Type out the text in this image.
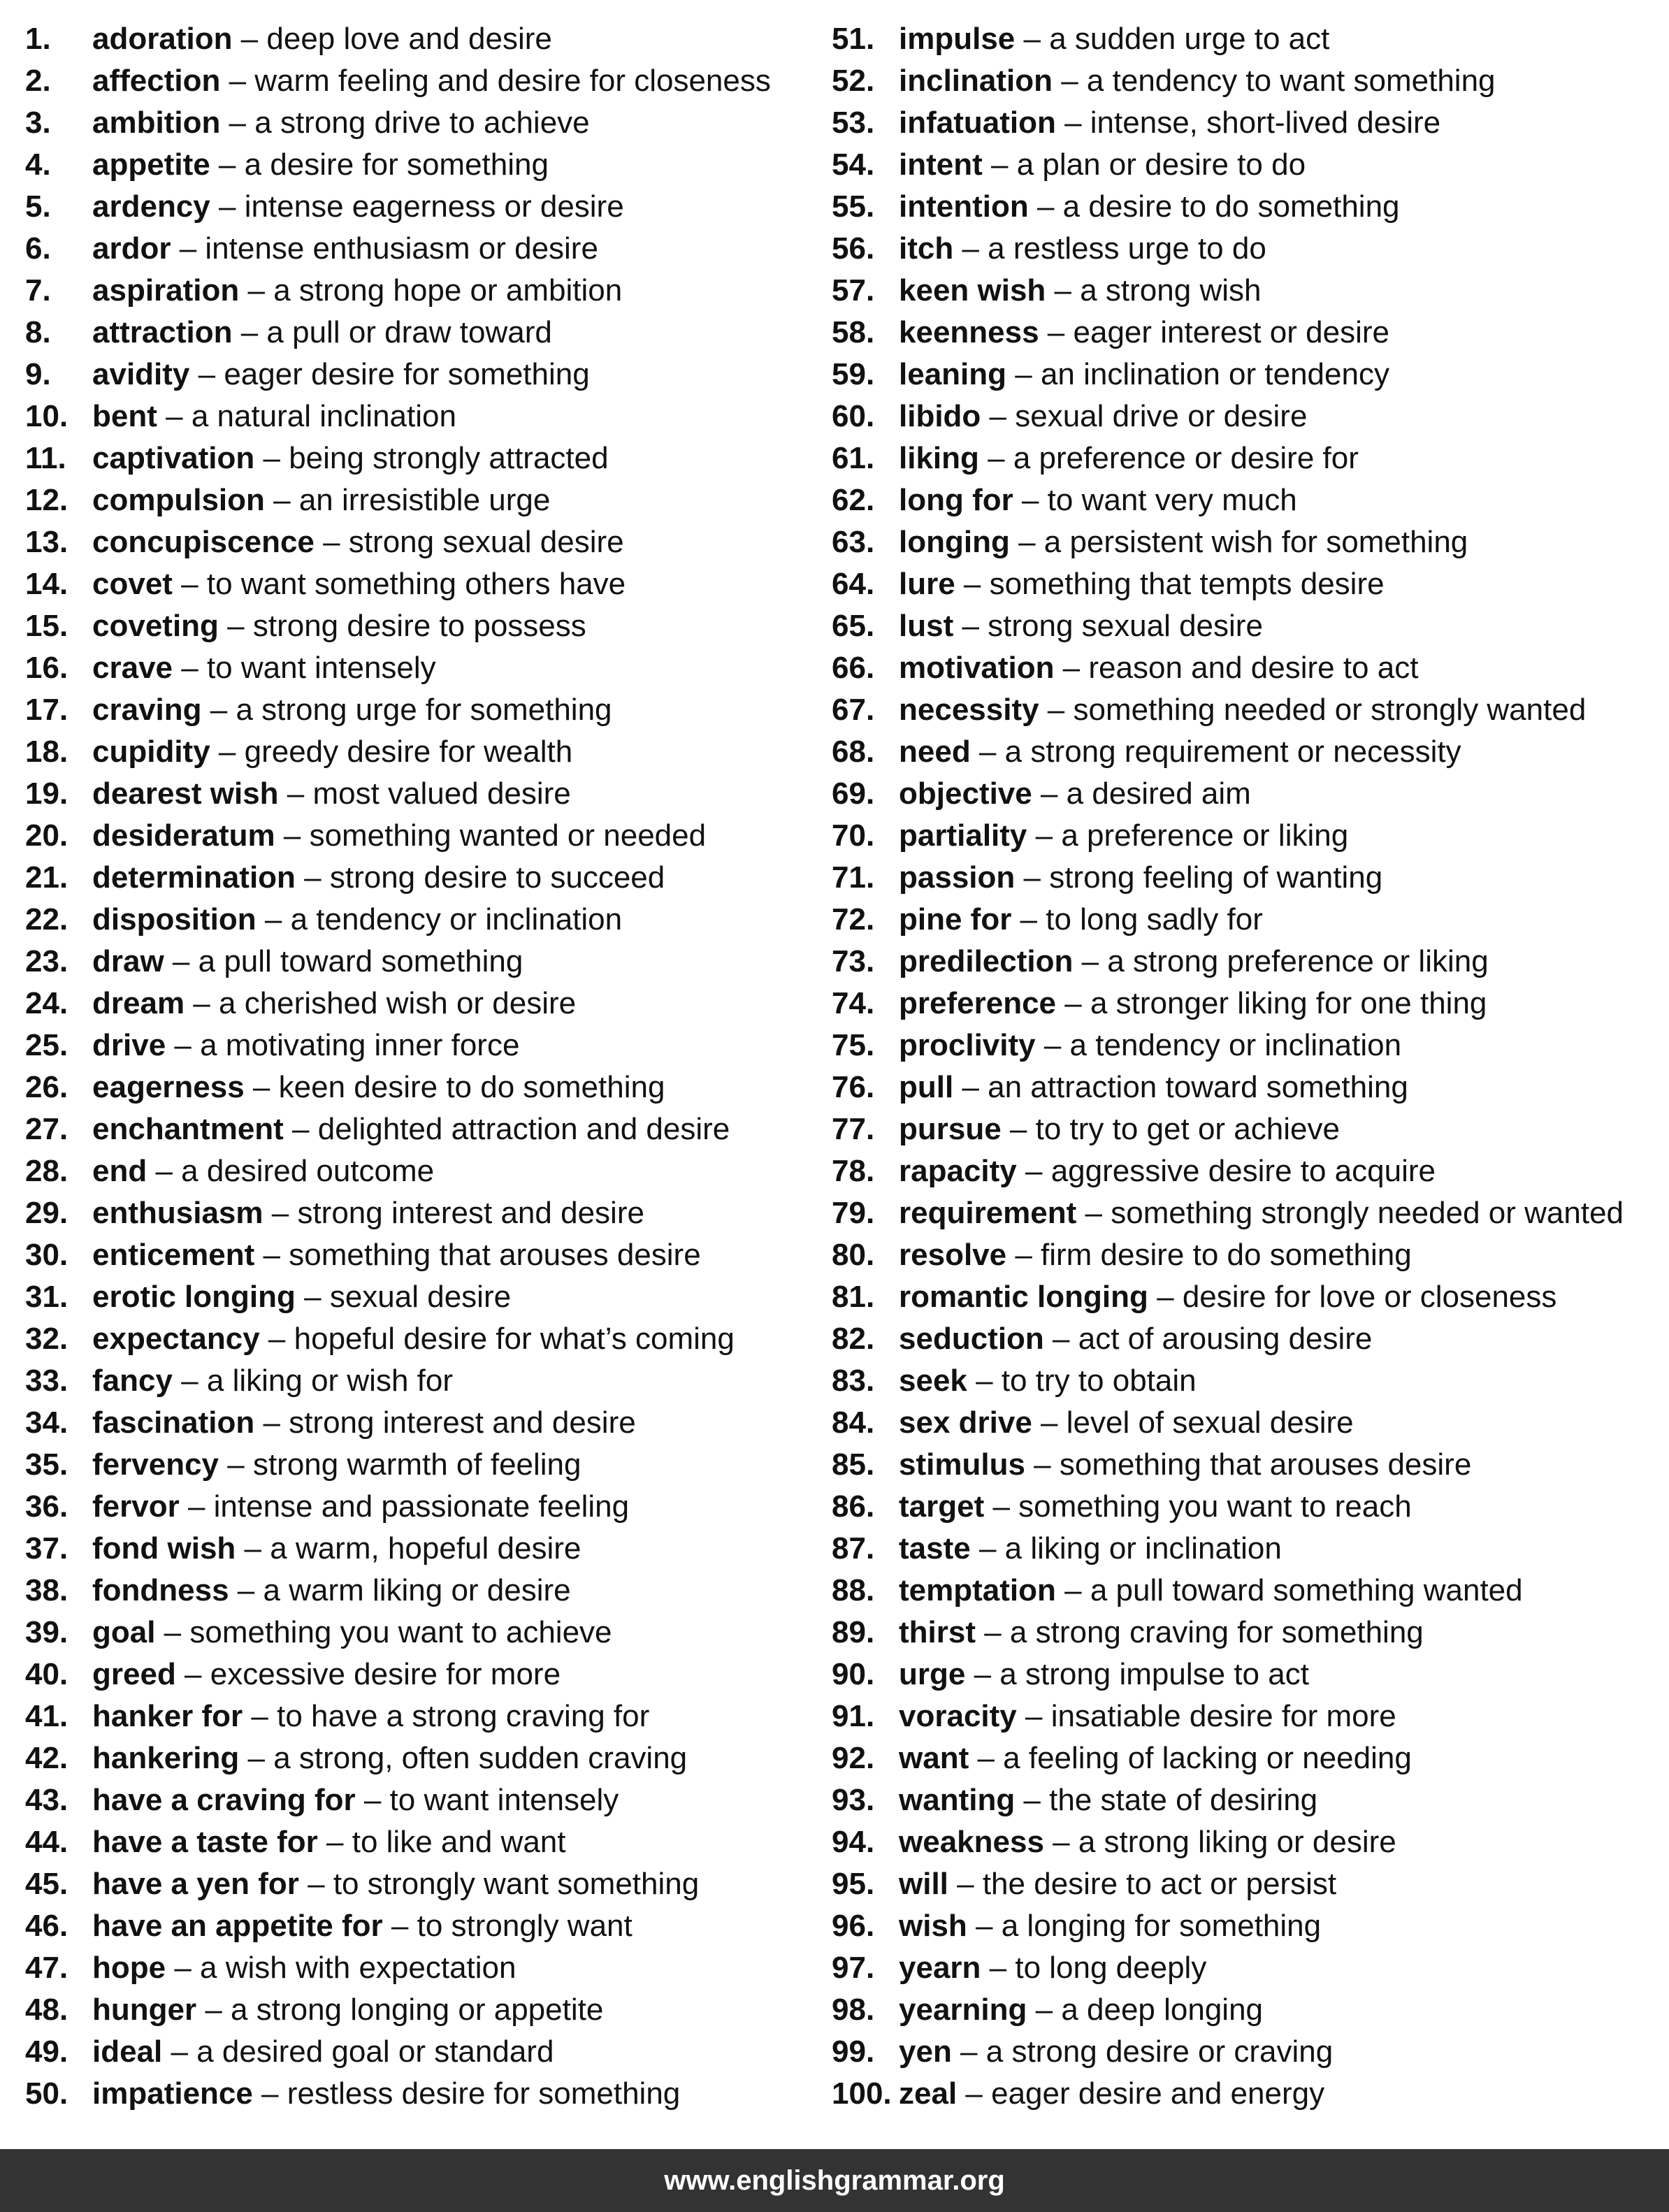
1.	adoration – deep love and desire
2.	affection – warm feeling and desire for closeness
3.	ambition – a strong drive to achieve
4.	appetite – a desire for something
5.	ardency – intense eagerness or desire
6.	ardor – intense enthusiasm or desire
7.	aspiration – a strong hope or ambition
8.	attraction – a pull or draw toward
9.	avidity – eager desire for something
10. bent – a natural inclination
11. captivation – being strongly attracted
12. compulsion – an irresistible urge
13. concupiscence – strong sexual desire
14. covet – to want something others have
15. coveting – strong desire to possess
16. crave – to want intensely
17. craving – a strong urge for something
18. cupidity – greedy desire for wealth
19. dearest wish – most valued desire
20. desideratum – something wanted or needed
21. determination – strong desire to succeed
22. disposition – a tendency or inclination
23. draw – a pull toward something
24. dream – a cherished wish or desire
25. drive – a motivating inner force
26. eagerness – keen desire to do something
27. enchantment – delighted attraction and desire
28. end – a desired outcome
29. enthusiasm – strong interest and desire
30. enticement – something that arouses desire
31. erotic longing – sexual desire
32. expectancy – hopeful desire for what’s coming
33. fancy – a liking or wish for
34. fascination – strong interest and desire
35. fervency – strong warmth of feeling
36. fervor – intense and passionate feeling
37. fond wish – a warm, hopeful desire
38. fondness – a warm liking or desire
39. goal – something you want to achieve
40. greed – excessive desire for more
41. hanker for – to have a strong craving for
42. hankering – a strong, often sudden craving
43. have a craving for – to want intensely
44. have a taste for – to like and want
45. have a yen for – to strongly want something
46. have an appetite for – to strongly want
47. hope – a wish with expectation
48. hunger – a strong longing or appetite
49. ideal – a desired goal or standard
50. impatience – restless desire for something
51. impulse – a sudden urge to act
52. inclination – a tendency to want something
53. infatuation – intense, short-lived desire
54. intent – a plan or desire to do
55. intention – a desire to do something
56. itch – a restless urge to do
57. keen wish – a strong wish
58. keenness – eager interest or desire
59. leaning – an inclination or tendency
60. libido – sexual drive or desire
61. liking – a preference or desire for
62. long for – to want very much
63. longing – a persistent wish for something
64. lure – something that tempts desire
65. lust – strong sexual desire
66. motivation – reason and desire to act
67. necessity – something needed or strongly wanted
68. need – a strong requirement or necessity
69. objective – a desired aim
70. partiality – a preference or liking
71. passion – strong feeling of wanting
72. pine for – to long sadly for
73. predilection – a strong preference or liking
74. preference – a stronger liking for one thing
75. proclivity – a tendency or inclination
76. pull – an attraction toward something
77. pursue – to try to get or achieve
78. rapacity – aggressive desire to acquire
79. requirement – something strongly needed or wanted
80. resolve – firm desire to do something
81. romantic longing – desire for love or closeness
82. seduction – act of arousing desire
83. seek – to try to obtain
84. sex drive – level of sexual desire
85. stimulus – something that arouses desire
86. target – something you want to reach
87. taste – a liking or inclination
88. temptation – a pull toward something wanted
89. thirst – a strong craving for something
90. urge – a strong impulse to act
91. voracity – insatiable desire for more
92. want – a feeling of lacking or needing
93. wanting – the state of desiring
94. weakness – a strong liking or desire
95. will – the desire to act or persist
96. wish – a longing for something
97. yearn – to long deeply
98. yearning – a deep longing
99. yen – a strong desire or craving
100. zeal – eager desire and energy
www.englishgrammar.org
